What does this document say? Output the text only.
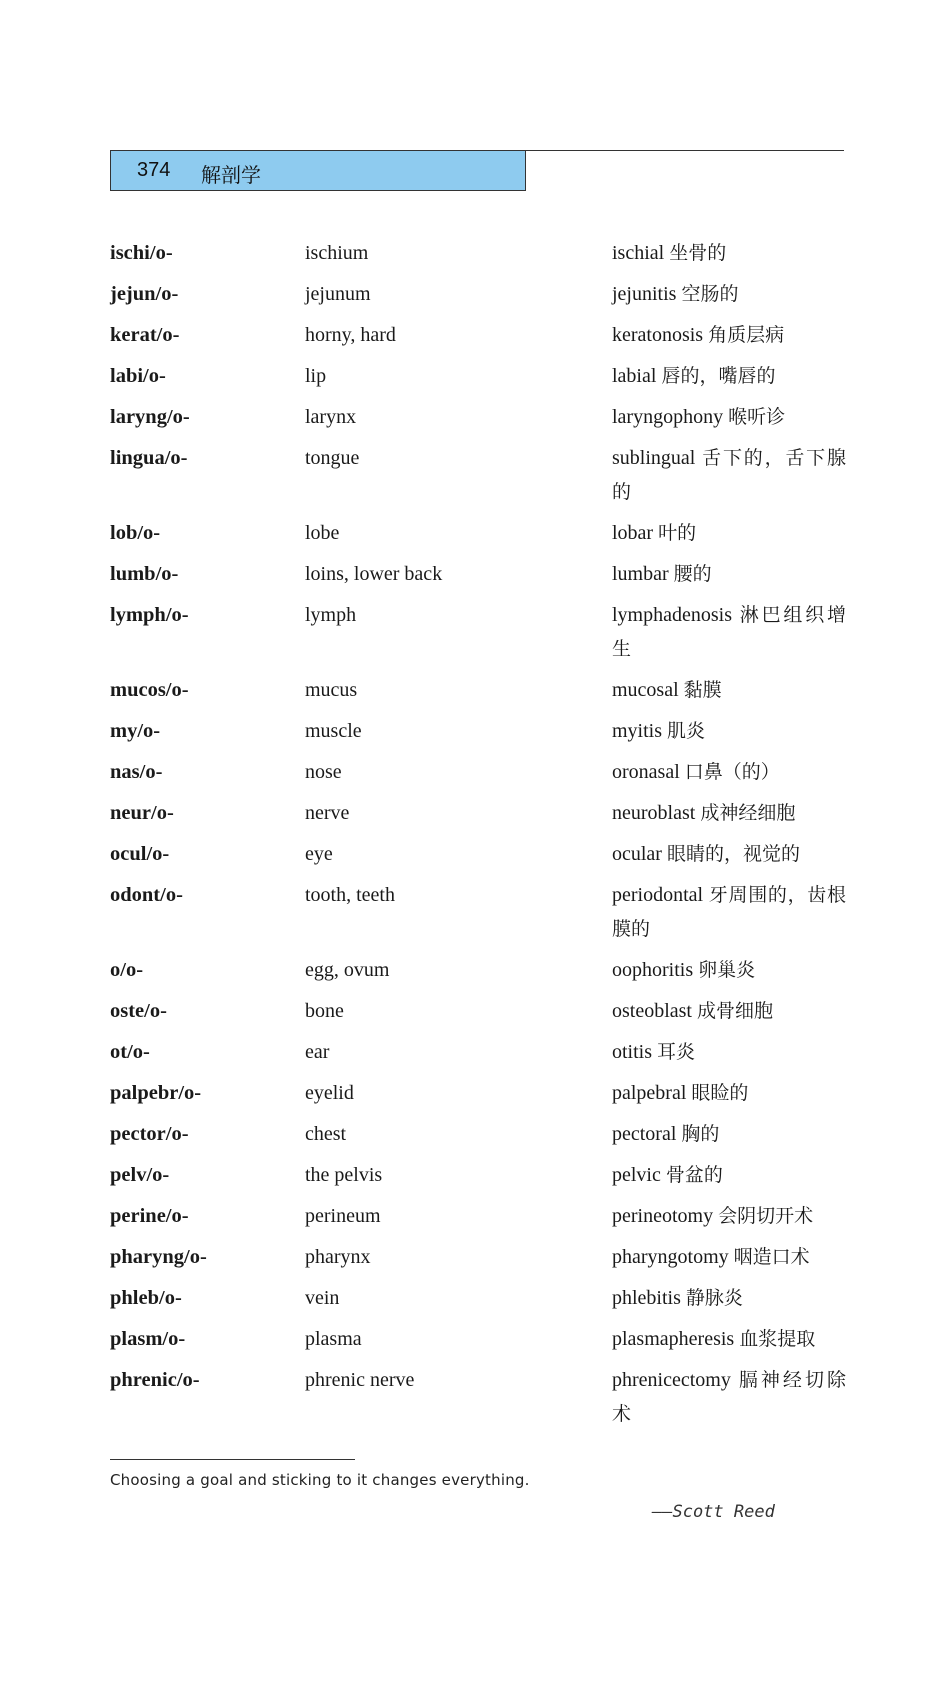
374 解剖学
ischi/o-	ischium	ischial 坐骨的
jejun/o-	jejunum	jejunitis 空肠的
kerat/o-	horny, hard	keratonosis 角质层病
labi/o-	lip	labial 唇的，嘴唇的
laryng/o-	larynx	laryngophony 喉听诊
lingua/o-	tongue	sublingual 舌下的，舌下腺的
lob/o-	lobe	lobar 叶的
lumb/o-	loins, lower back	lumbar 腰的
lymph/o-	lymph	lymphadenosis 淋巴组织增生
mucos/o-	mucus	mucosal 黏膜
my/o-	muscle	myitis 肌炎
nas/o-	nose	oronasal 口鼻（的）
neur/o-	nerve	neuroblast 成神经细胞
ocul/o-	eye	ocular 眼睛的，视觉的
odont/o-	tooth, teeth	periodontal 牙周围的，齿根膜的
o/o-	egg, ovum	oophoritis 卵巢炎
oste/o-	bone	osteoblast 成骨细胞
ot/o-	ear	otitis 耳炎
palpebr/o-	eyelid	palpebral 眼睑的
pector/o-	chest	pectoral 胸的
pelv/o-	the pelvis	pelvic 骨盆的
perine/o-	perineum	perineotomy 会阴切开术
pharyng/o-	pharynx	pharyngotomy 咽造口术
phleb/o-	vein	phlebitis 静脉炎
plasm/o-	plasma	plasmapheresis 血浆提取
phrenic/o-	phrenic nerve	phrenicectomy 膈神经切除术
Choosing a goal and sticking to it changes everything.
——Scott Reed
